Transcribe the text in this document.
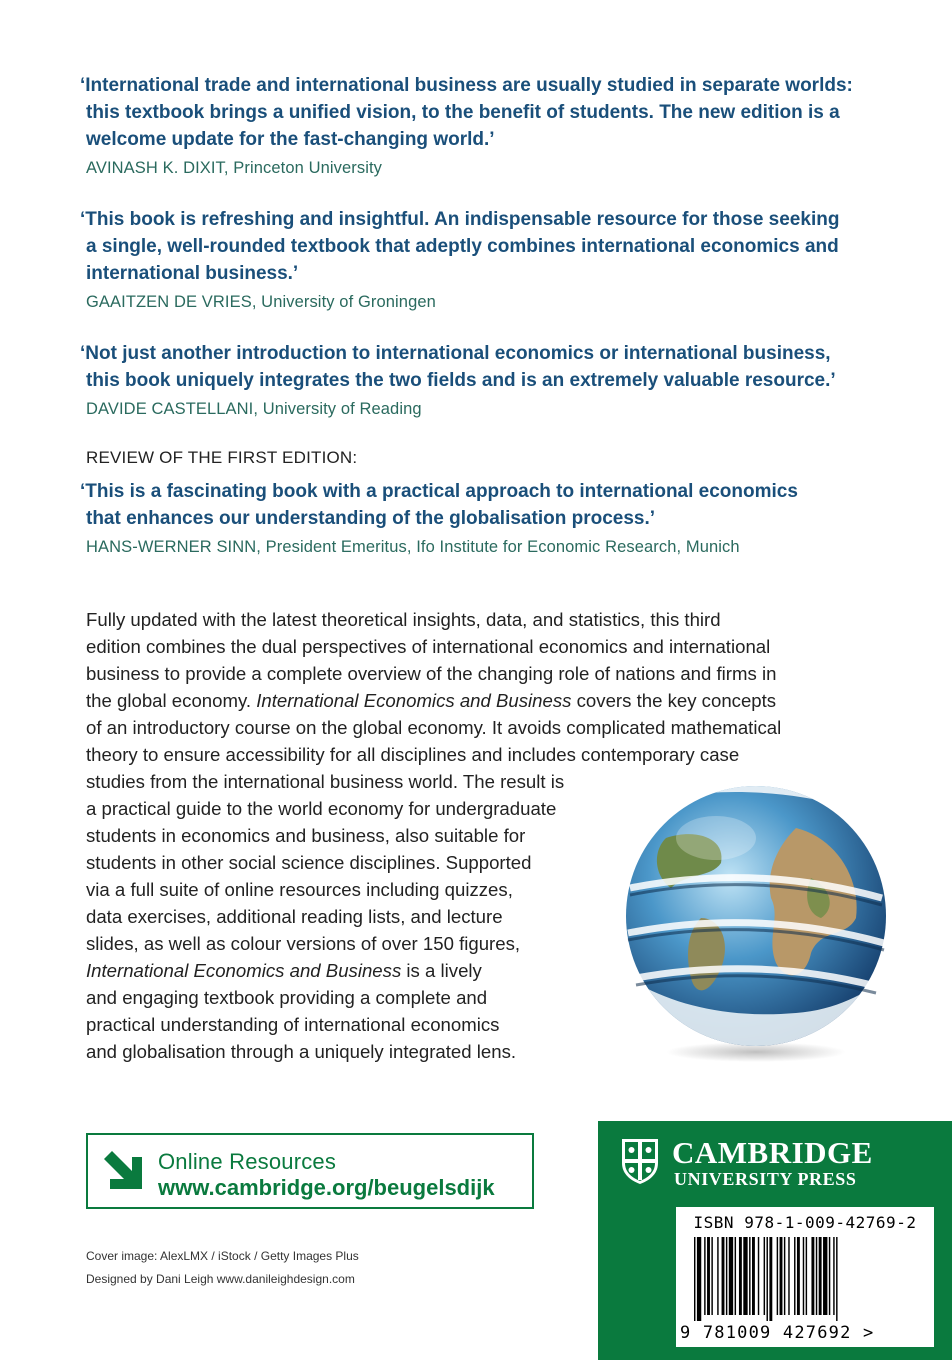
‘International trade and international business are usually studied in separate worlds:
this textbook brings a unified vision, to the benefit of students. The new edition is a
welcome update for the fast-changing world.’

AVINASH K. DIXIT, Princeton University

‘This book is refreshing and insightful. An indispensable resource for those seeking
a single, well-rounded textbook that adeptly combines international economics and
international business.’

GAAITZEN DE VRIES, University of Groningen

‘Not just another introduction to international economics or international business,
this book uniquely integrates the two fields and is an extremely valuable resource.’

DAVIDE CASTELLANI, University of Reading

REVIEW OF THE FIRST EDITION:

‘This is a fascinating book with a practical approach to international economics
that enhances our understanding of the globalisation process.’

HANS-WERNER SINN, President Emeritus, Ifo Institute for Economic Research, Munich

Fully updated with the latest theoretical insights, data, and statistics, this third
edition combines the dual perspectives of international economics and international
business to provide a complete overview of the changing role of nations and firms in
the global economy. International Economics and Business covers the key concepts
of an introductory course on the global economy. It avoids complicated mathematical
theory to ensure accessibility for all disciplines and includes contemporary case
studies from the international business world. The result is
a practical guide to the world economy for undergraduate
students in economics and business, also suitable for
students in other social science disciplines. Supported
via a full suite of online resources including quizzes,
data exercises, additional reading lists, and lecture
slides, as well as colour versions of over 150 figures,
International Economics and Business is a lively
and engaging textbook providing a complete and
practical understanding of international economics
and globalisation through a uniquely integrated lens.
Online Resources
www.cambridge.org/beugelsdijk
Cover image: AlexLMX / iStock / Getty Images Plus
Designed by Dani Leigh www.danileighdesign.com
CAMBRIDGE
UNIVERSITY PRESS
ISBN 978-1-009-42769-2
9 781009 427692 >
